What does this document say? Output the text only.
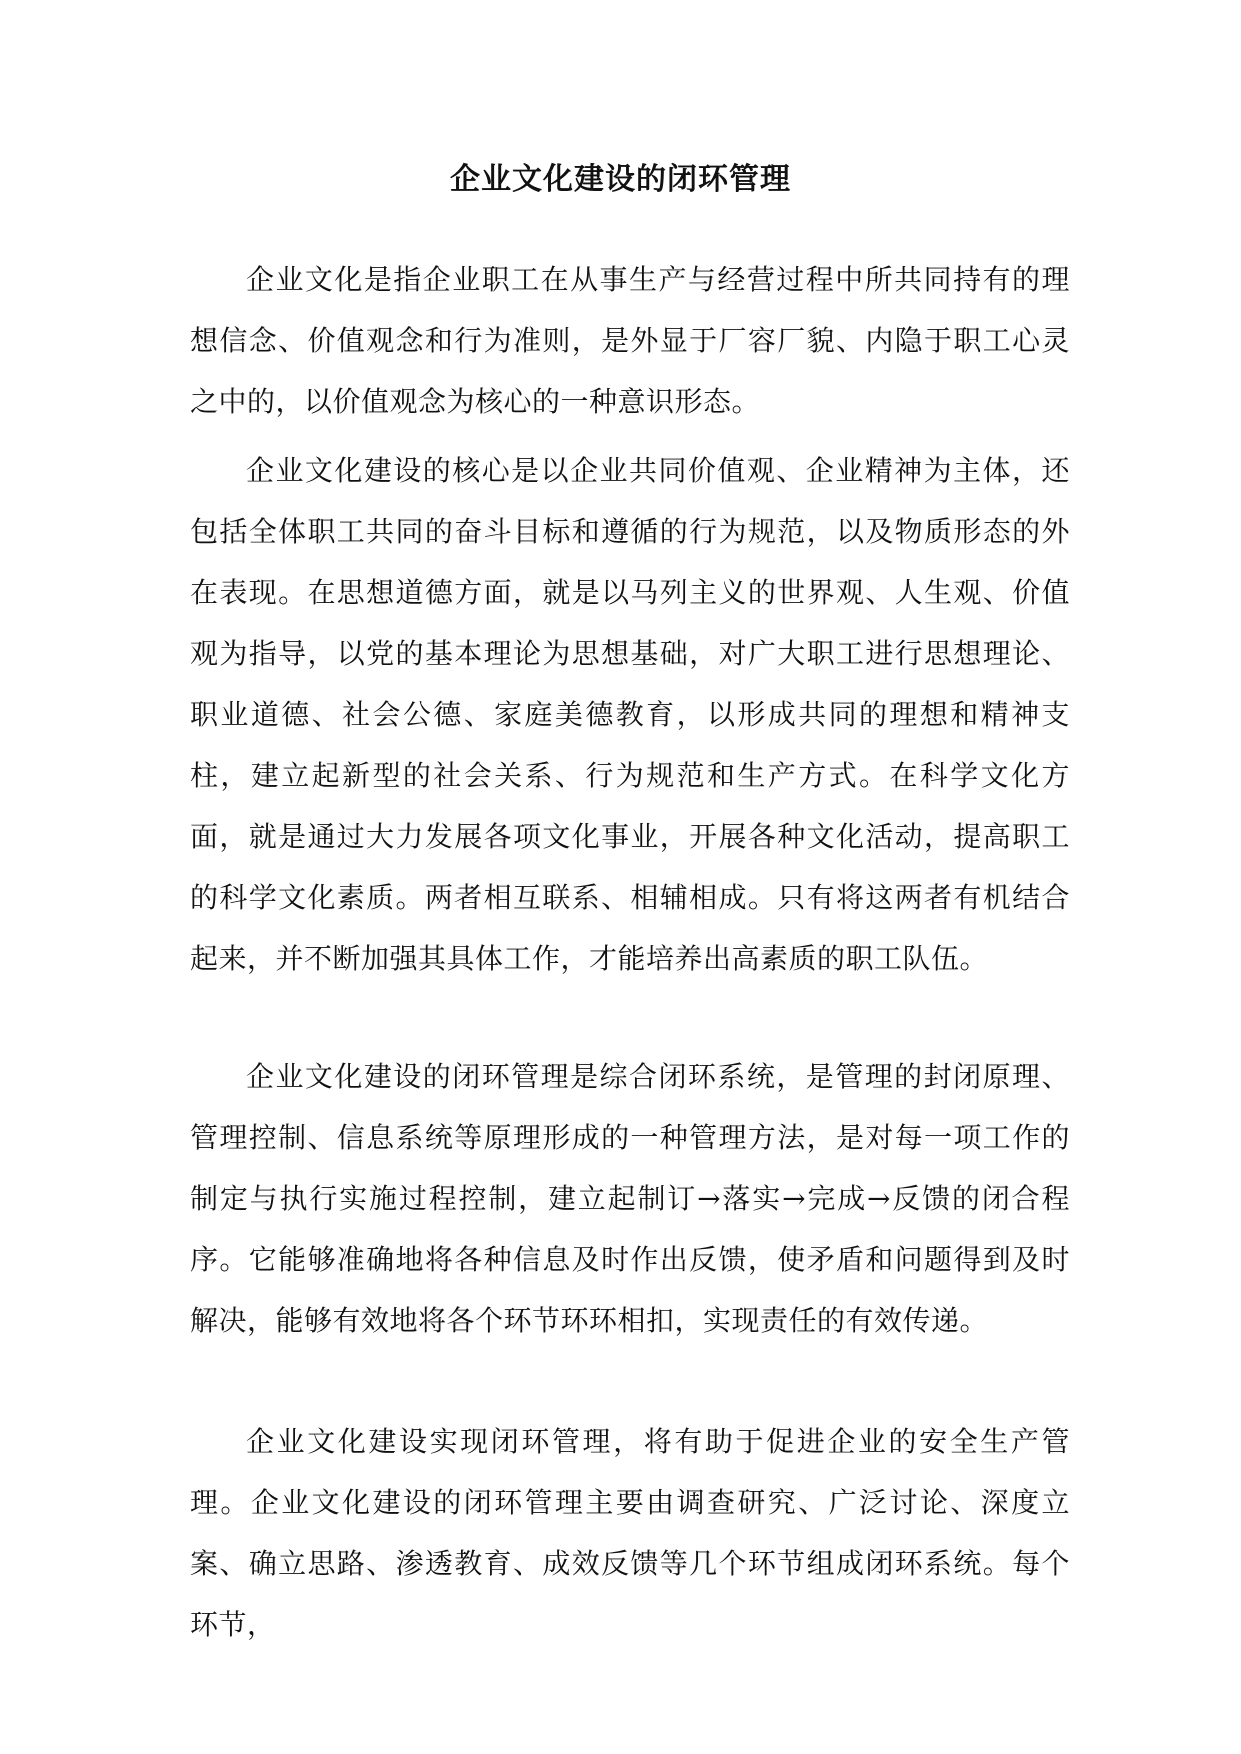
企业文化建设的闭环管理

企业文化是指企业职工在从事生产与经营过程中所共同持有的理想信念、价值观念和行为准则，是外显于厂容厂貌、内隐于职工心灵之中的，以价值观念为核心的一种意识形态。

企业文化建设的核心是以企业共同价值观、企业精神为主体，还包括全体职工共同的奋斗目标和遵循的行为规范，以及物质形态的外在表现。在思想道德方面，就是以马列主义的世界观、人生观、价值观为指导，以党的基本理论为思想基础，对广大职工进行思想理论、职业道德、社会公德、家庭美德教育，以形成共同的理想和精神支柱，建立起新型的社会关系、行为规范和生产方式。在科学文化方面，就是通过大力发展各项文化事业，开展各种文化活动，提高职工的科学文化素质。两者相互联系、相辅相成。只有将这两者有机结合起来，并不断加强其具体工作，才能培养出高素质的职工队伍。

企业文化建设的闭环管理是综合闭环系统，是管理的封闭原理、管理控制、信息系统等原理形成的一种管理方法，是对每一项工作的制定与执行实施过程控制，建立起制订→落实→完成→反馈的闭合程序。它能够准确地将各种信息及时作出反馈，使矛盾和问题得到及时解决，能够有效地将各个环节环环相扣，实现责任的有效传递。

企业文化建设实现闭环管理，将有助于促进企业的安全生产管理。企业文化建设的闭环管理主要由调查研究、广泛讨论、深度立案、确立思路、渗透教育、成效反馈等几个环节组成闭环系统。每个环节，
